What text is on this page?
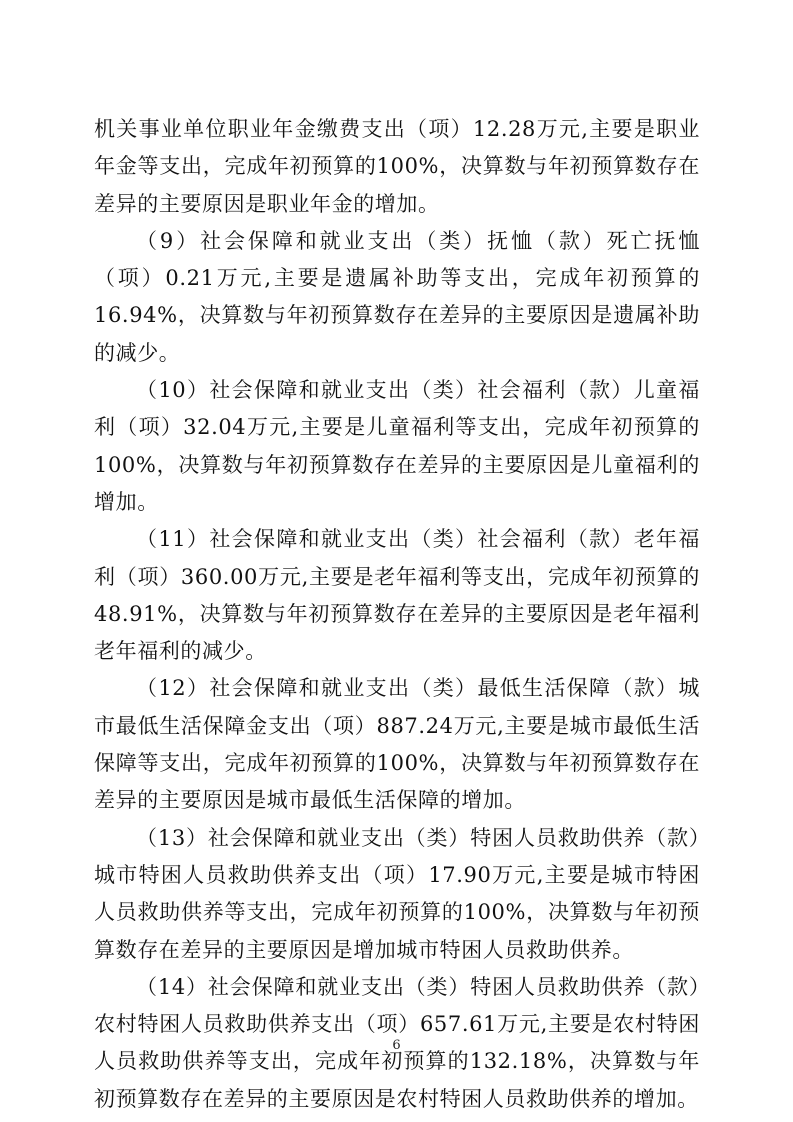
机关事业单位职业年金缴费支出（项）12.28万元,主要是职业年金等支出，完成年初预算的100%，决算数与年初预算数存在差异的主要原因是职业年金的增加。

（9）社会保障和就业支出（类）抚恤（款）死亡抚恤（项）0.21万元,主要是遗属补助等支出，完成年初预算的16.94%，决算数与年初预算数存在差异的主要原因是遗属补助的减少。

（10）社会保障和就业支出（类）社会福利（款）儿童福利（项）32.04万元,主要是儿童福利等支出，完成年初预算的100%，决算数与年初预算数存在差异的主要原因是儿童福利的增加。

（11）社会保障和就业支出（类）社会福利（款）老年福利（项）360.00万元,主要是老年福利等支出，完成年初预算的48.91%，决算数与年初预算数存在差异的主要原因是老年福利老年福利的减少。

（12）社会保障和就业支出（类）最低生活保障（款）城市最低生活保障金支出（项）887.24万元,主要是城市最低生活保障等支出，完成年初预算的100%，决算数与年初预算数存在差异的主要原因是城市最低生活保障的增加。

（13）社会保障和就业支出（类）特困人员救助供养（款）城市特困人员救助供养支出（项）17.90万元,主要是城市特困人员救助供养等支出，完成年初预算的100%，决算数与年初预算数存在差异的主要原因是增加城市特困人员救助供养。

（14）社会保障和就业支出（类）特困人员救助供养（款）农村特困人员救助供养支出（项）657.61万元,主要是农村特困人员救助供养等支出，完成年初预算的132.18%，决算数与年初预算数存在差异的主要原因是农村特困人员救助供养的增加。

6
